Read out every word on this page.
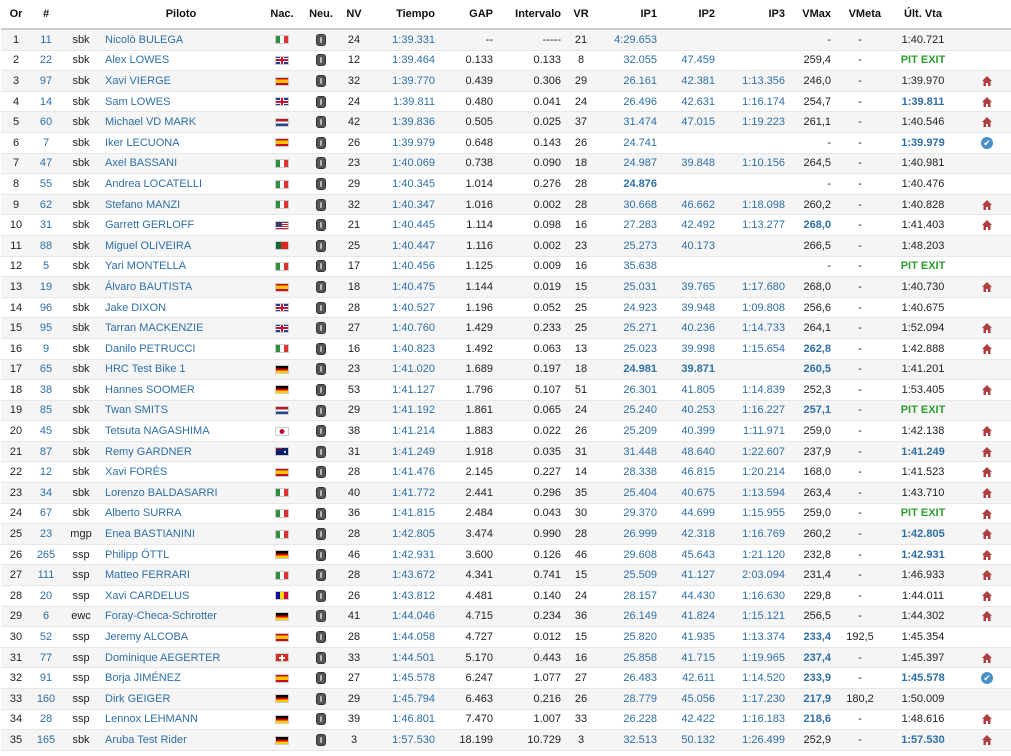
Or	#		Piloto	Nac.	Neu.	NV	Tiempo	GAP	Intervalo	VR	IP1	IP2	IP3	VMax	VMeta	Últ. Vta	
1	11	sbk	Nicolò BULEGA			24	1:39.331	--	-----	21	4:29.653			-	-	1:40.721	
2	22	sbk	Alex LOWES			12	1:39.464	0.133	0.133	8	32.055	47.459		259,4	-	PIT EXIT	
3	97	sbk	Xavi VIERGE			32	1:39.770	0.439	0.306	29	26.161	42.381	1:13.356	246,0	-	1:39.970	
4	14	sbk	Sam LOWES			24	1:39.811	0.480	0.041	24	26.496	42.631	1:16.174	254,7	-	1:39.811	
5	60	sbk	Michael VD MARK			42	1:39.836	0.505	0.025	37	31.474	47.015	1:19.223	261,1	-	1:40.546	
6	7	sbk	Iker LECUONA			26	1:39.979	0.648	0.143	26	24.741			-	-	1:39.979	✔
7	47	sbk	Axel BASSANI			23	1:40.069	0.738	0.090	18	24.987	39.848	1:10.156	264,5	-	1:40.981	
8	55	sbk	Andrea LOCATELLI			29	1:40.345	1.014	0.276	28	24.876			-	-	1:40.476	
9	62	sbk	Stefano MANZI			32	1:40.347	1.016	0.002	28	30.668	46.662	1:18.098	260,2	-	1:40.828	
10	31	sbk	Garrett GERLOFF			21	1:40.445	1.114	0.098	16	27.283	42.492	1:13.277	268,0	-	1:41.403	
11	88	sbk	Miguel OLIVEIRA			25	1:40.447	1.116	0.002	23	25.273	40.173		266,5	-	1:48.203	
12	5	sbk	Yari MONTELLA			17	1:40.456	1.125	0.009	16	35.638			-	-	PIT EXIT	
13	19	sbk	Álvaro BAUTISTA			18	1:40.475	1.144	0.019	15	25.031	39.765	1:17.680	268,0	-	1:40.730	
14	96	sbk	Jake DIXON			28	1:40.527	1.196	0.052	25	24.923	39.948	1:09.808	256,6	-	1:40.675	
15	95	sbk	Tarran MACKENZIE			27	1:40.760	1.429	0.233	25	25.271	40.236	1:14.733	264,1	-	1:52.094	
16	9	sbk	Danilo PETRUCCI			16	1:40.823	1.492	0.063	13	25.023	39.998	1:15.654	262,8	-	1:42.888	
17	65	sbk	HRC Test Bike 1			23	1:41.020	1.689	0.197	18	24.981	39.871		260,5	-	1:41.201	
18	38	sbk	Hannes SOOMER			53	1:41.127	1.796	0.107	51	26.301	41.805	1:14.839	252,3	-	1:53.405	
19	85	sbk	Twan SMITS			29	1:41.192	1.861	0.065	24	25.240	40.253	1:16.227	257,1	-	PIT EXIT	
20	45	sbk	Tetsuta NAGASHIMA			38	1:41.214	1.883	0.022	26	25.209	40.399	1:11.971	259,0	-	1:42.138	
21	87	sbk	Remy GARDNER			31	1:41.249	1.918	0.035	31	31.448	48.640	1:22.607	237,9	-	1:41.249	
22	12	sbk	Xavi FORÉS			28	1:41.476	2.145	0.227	14	28.338	46.815	1:20.214	168,0	-	1:41.523	
23	34	sbk	Lorenzo BALDASARRI			40	1:41.772	2.441	0.296	35	25.404	40.675	1:13.594	263,4	-	1:43.710	
24	67	sbk	Alberto SURRA			36	1:41.815	2.484	0.043	30	29.370	44.699	1:15.955	259,0	-	PIT EXIT	
25	23	mgp	Enea BASTIANINI			28	1:42.805	3.474	0.990	28	26.999	42.318	1:16.769	260,2	-	1:42.805	
26	265	ssp	Philipp ÖTTL			46	1:42.931	3.600	0.126	46	29.608	45.643	1:21.120	232,8	-	1:42.931	
27	111	ssp	Matteo FERRARI			28	1:43.672	4.341	0.741	15	25.509	41.127	2:03.094	231,4	-	1:46.933	
28	20	ssp	Xavi CARDELUS			26	1:43.812	4.481	0.140	24	28.157	44.430	1:16.630	229,8	-	1:44.011	
29	6	ewc	Foray-Checa-Schrotter			41	1:44.046	4.715	0.234	36	26.149	41.824	1:15.121	256,5	-	1:44.302	
30	52	ssp	Jeremy ALCOBA			28	1:44.058	4.727	0.012	15	25.820	41.935	1:13.374	233,4	192,5	1:45.354	
31	77	ssp	Dominique AEGERTER			33	1:44.501	5.170	0.443	16	25.858	41.715	1:19.965	237,4	-	1:45.397	
32	91	ssp	Borja JIMÉNEZ			27	1:45.578	6.247	1.077	27	26.483	42.611	1:14.520	233,9	-	1:45.578	✔
33	160	ssp	Dirk GEIGER			29	1:45.794	6.463	0.216	26	28.779	45.056	1:17.230	217,9	180,2	1:50.009	
34	28	ssp	Lennox LEHMANN			39	1:46.801	7.470	1.007	33	26.228	42.422	1:16.183	218,6	-	1:48.616	
35	165	sbk	Aruba Test Rider			3	1:57.530	18.199	10.729	3	32.513	50.132	1:26.499	252,9	-	1:57.530	
